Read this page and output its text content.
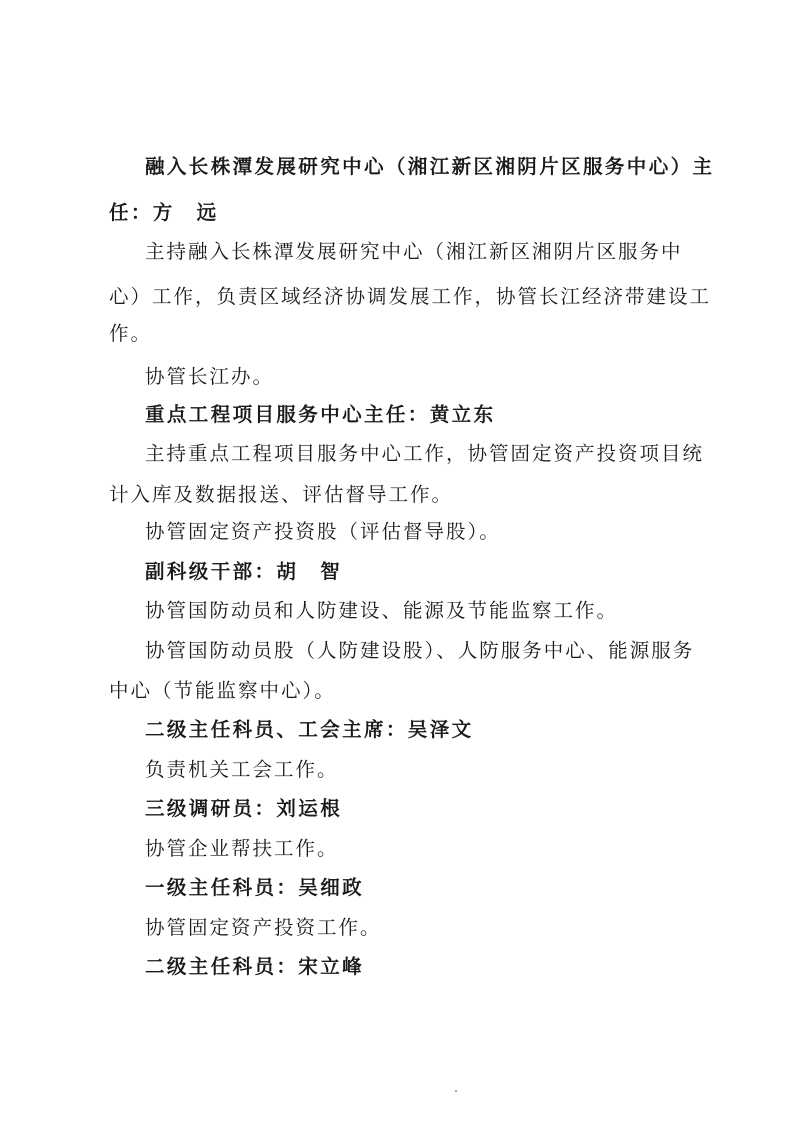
融入长株潭发展研究中心（湘江新区湘阴片区服务中心）主
任：方　远
主持融入长株潭发展研究中心（湘江新区湘阴片区服务中
心）工作，负责区域经济协调发展工作，协管长江经济带建设工
作。
协管长江办。
重点工程项目服务中心主任：黄立东
主持重点工程项目服务中心工作，协管固定资产投资项目统
计入库及数据报送、评估督导工作。
协管固定资产投资股（评估督导股）。
副科级干部：胡　智
协管国防动员和人防建设、能源及节能监察工作。
协管国防动员股（人防建设股）、人防服务中心、能源服务
中心（节能监察中心）。
二级主任科员、工会主席：吴泽文
负责机关工会工作。
三级调研员：刘运根
协管企业帮扶工作。
一级主任科员：吴细政
协管固定资产投资工作。
二级主任科员：宋立峰
